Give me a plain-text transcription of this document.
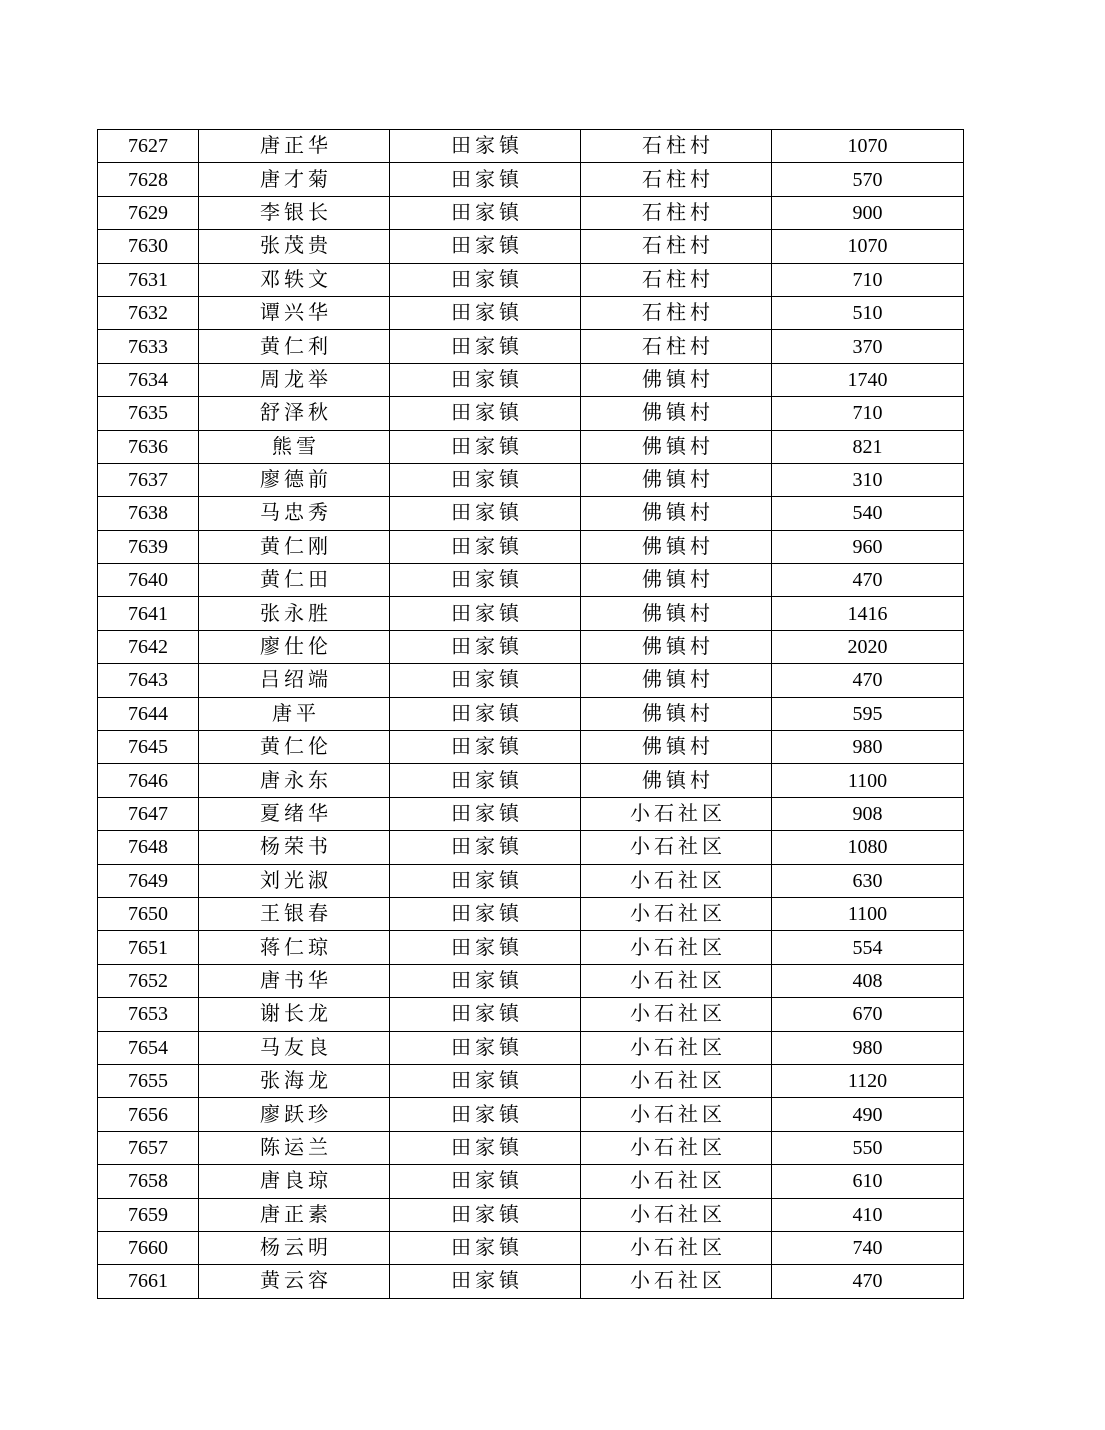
7627	唐正华	田家镇	石柱村	1070
7628	唐才菊	田家镇	石柱村	570
7629	李银长	田家镇	石柱村	900
7630	张茂贵	田家镇	石柱村	1070
7631	邓轶文	田家镇	石柱村	710
7632	谭兴华	田家镇	石柱村	510
7633	黄仁利	田家镇	石柱村	370
7634	周龙举	田家镇	佛镇村	1740
7635	舒泽秋	田家镇	佛镇村	710
7636	熊雪	田家镇	佛镇村	821
7637	廖德前	田家镇	佛镇村	310
7638	马忠秀	田家镇	佛镇村	540
7639	黄仁刚	田家镇	佛镇村	960
7640	黄仁田	田家镇	佛镇村	470
7641	张永胜	田家镇	佛镇村	1416
7642	廖仕伦	田家镇	佛镇村	2020
7643	吕绍端	田家镇	佛镇村	470
7644	唐平	田家镇	佛镇村	595
7645	黄仁伦	田家镇	佛镇村	980
7646	唐永东	田家镇	佛镇村	1100
7647	夏绪华	田家镇	小石社区	908
7648	杨荣书	田家镇	小石社区	1080
7649	刘光淑	田家镇	小石社区	630
7650	王银春	田家镇	小石社区	1100
7651	蒋仁琼	田家镇	小石社区	554
7652	唐书华	田家镇	小石社区	408
7653	谢长龙	田家镇	小石社区	670
7654	马友良	田家镇	小石社区	980
7655	张海龙	田家镇	小石社区	1120
7656	廖跃珍	田家镇	小石社区	490
7657	陈运兰	田家镇	小石社区	550
7658	唐良琼	田家镇	小石社区	610
7659	唐正素	田家镇	小石社区	410
7660	杨云明	田家镇	小石社区	740
7661	黄云容	田家镇	小石社区	470
